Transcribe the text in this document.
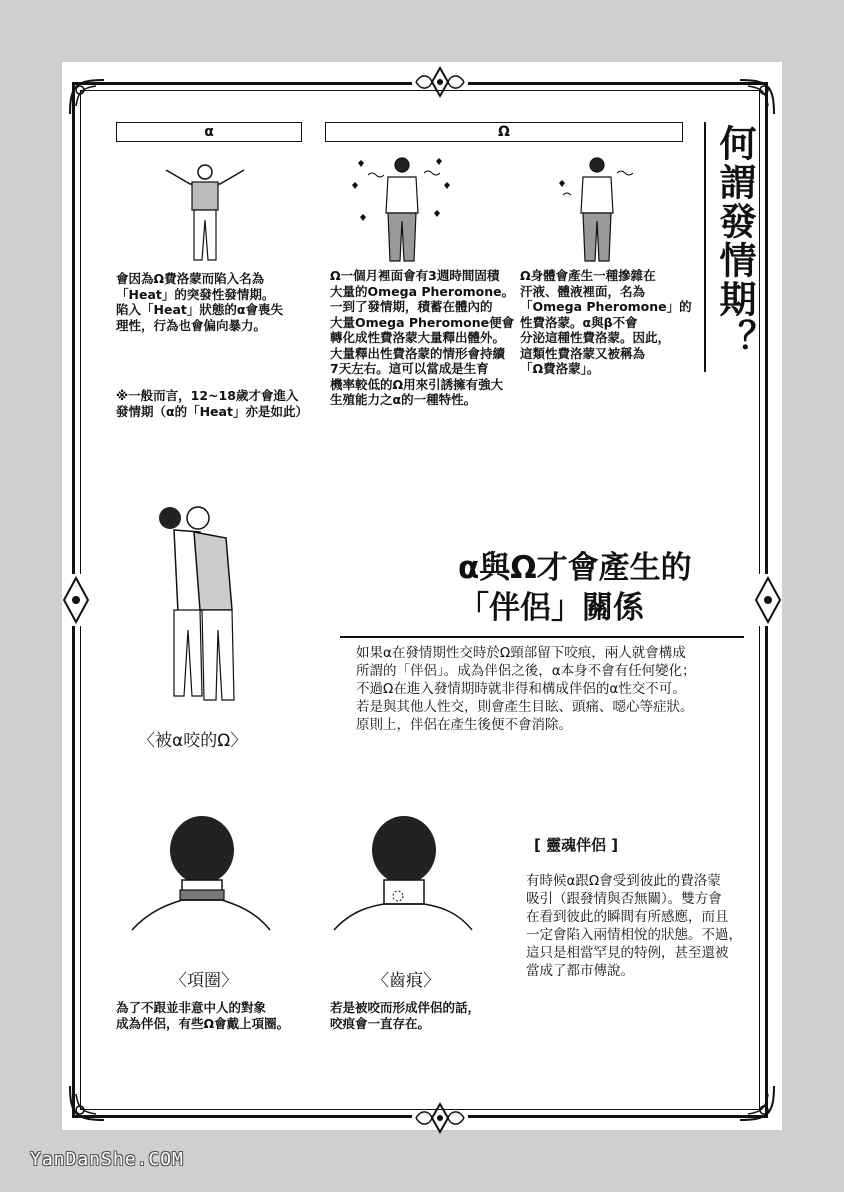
何謂發情期？
α	Ω
會因為Ω費洛蒙而陷入名為
「Heat」的突發性發情期。
陷入「Heat」狀態的α會喪失
理性，行為也會偏向暴力。
※一般而言，12~18歲才會進入
發情期（α的「Heat」亦是如此）
Ω一個月裡面會有3週時間固積
大量的Omega Pheromone。
一到了發情期，積蓄在體內的
大量Omega Pheromone便會
轉化成性費洛蒙大量釋出體外。
大量釋出性費洛蒙的情形會持續
7天左右。這可以當成是生育
機率較低的Ω用來引誘擁有強大
生殖能力之α的一種特性。
Ω身體會產生一種摻雜在
汗液、體液裡面，名為
「Omega Pheromone」的
性費洛蒙。α與β不會
分泌這種性費洛蒙。因此，
這類性費洛蒙又被稱為
「Ω費洛蒙」。
α與Ω才會產生的
「伴侶」關係
如果α在發情期性交時於Ω頸部留下咬痕，兩人就會構成
所謂的「伴侶」。成為伴侶之後，α本身不會有任何變化；
不過Ω在進入發情期時就非得和構成伴侶的α性交不可。
若是與其他人性交，則會產生目眩、頭痛、噁心等症狀。
原則上，伴侶在產生後便不會消除。
〈被α咬的Ω〉
〈項圈〉
為了不跟並非意中人的對象
成為伴侶，有些Ω會戴上項圈。
〈齒痕〉
若是被咬而形成伴侶的話，
咬痕會一直存在。
[ 靈魂伴侶 ]
有時候α跟Ω會受到彼此的費洛蒙
吸引（跟發情與否無關）。雙方會
在看到彼此的瞬間有所感應，而且
一定會陷入兩情相悅的狀態。不過，
這只是相當罕見的特例，甚至還被
當成了都市傳說。
YanDanShe.COM
